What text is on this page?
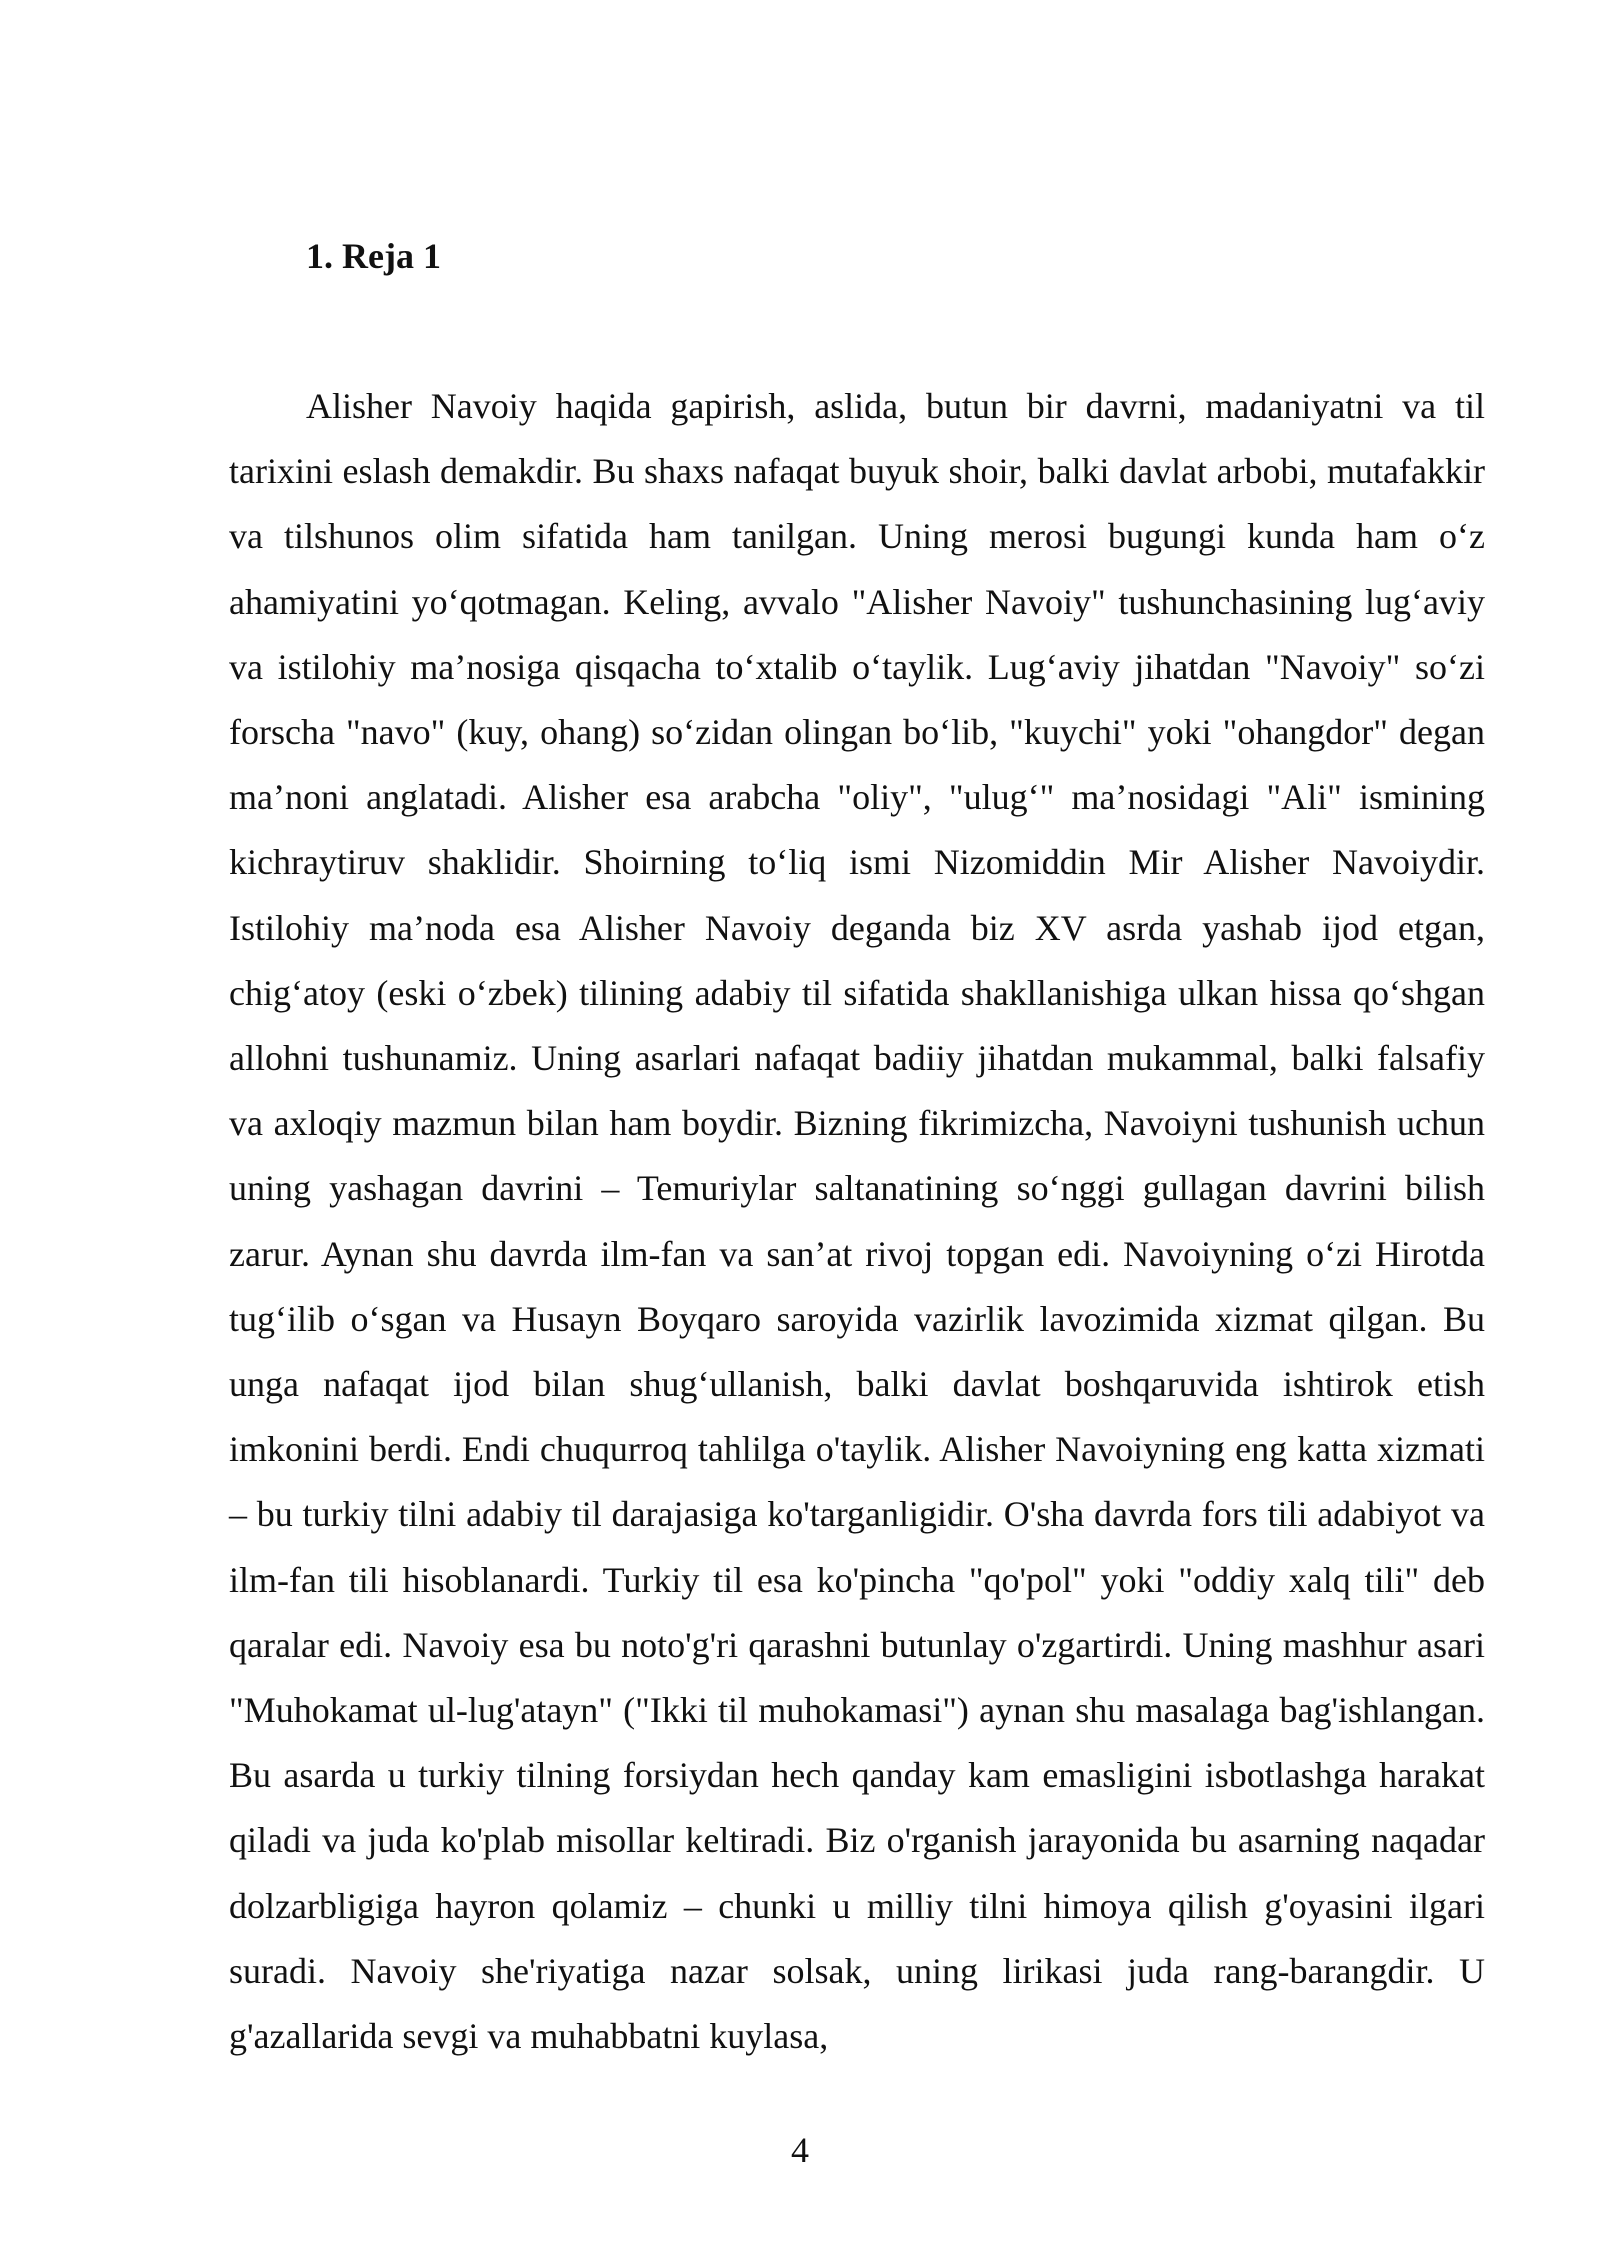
1. Reja 1

Alisher Navoiy haqida gapirish, aslida, butun bir davrni, madaniyatni va til tarixini eslash demakdir. Bu shaxs nafaqat buyuk shoir, balki davlat arbobi, mutafakkir va tilshunos olim sifatida ham tanilgan. Uning merosi bugungi kunda ham o‘z ahamiyatini yo‘qotmagan. Keling, avvalo "Alisher Navoiy" tushunchasining lug‘aviy va istilohiy ma’nosiga qisqacha to‘xtalib o‘taylik. Lug‘aviy jihatdan "Navoiy" so‘zi forscha "navo" (kuy, ohang) so‘zidan olingan bo‘lib, "kuychi" yoki "ohangdor" degan ma’noni anglatadi. Alisher esa arabcha "oliy", "ulug‘" ma’nosidagi "Ali" ismining kichraytiruv shaklidir. Shoirning to‘liq ismi Nizomiddin Mir Alisher Navoiydir. Istilohiy ma’noda esa Alisher Navoiy deganda biz XV asrda yashab ijod etgan, chig‘atoy (eski o‘zbek) tilining adabiy til sifatida shakllanishiga ulkan hissa qo‘shgan allohni tushunamiz. Uning asarlari nafaqat badiiy jihatdan mukammal, balki falsafiy va axloqiy mazmun bilan ham boydir. Bizning fikrimizcha, Navoiyni tushunish uchun uning yashagan davrini – Temuriylar saltanatining so‘nggi gullagan davrini bilish zarur. Aynan shu davrda ilm-fan va san’at rivoj topgan edi. Navoiyning o‘zi Hirotda tug‘ilib o‘sgan va Husayn Boyqaro saroyida vazirlik lavozimida xizmat qilgan. Bu unga nafaqat ijod bilan shug‘ullanish, balki davlat boshqaruvida ishtirok etish imkonini berdi. Endi chuqurroq tahlilga o'taylik. Alisher Navoiyning eng katta xizmati – bu turkiy tilni adabiy til darajasiga ko'targanligidir. O'sha davrda fors tili adabiyot va ilm-fan tili hisoblanardi. Turkiy til esa ko'pincha "qo'pol" yoki "oddiy xalq tili" deb qaralar edi. Navoiy esa bu noto'g'ri qarashni butunlay o'zgartirdi. Uning mashhur asari "Muhokamat ul-lug'atayn" ("Ikki til muhokamasi") aynan shu masalaga bag'ishlangan. Bu asarda u turkiy tilning forsiydan hech qanday kam emasligini isbotlashga harakat qiladi va juda ko'plab misollar keltiradi. Biz o'rganish jarayonida bu asarning naqadar dolzarbligiga hayron qolamiz – chunki u milliy tilni himoya qilish g'oyasini ilgari suradi. Navoiy she'riyatiga nazar solsak, uning lirikasi juda rang-barangdir. U g'azallarida sevgi va muhabbatni kuylasa,

4
